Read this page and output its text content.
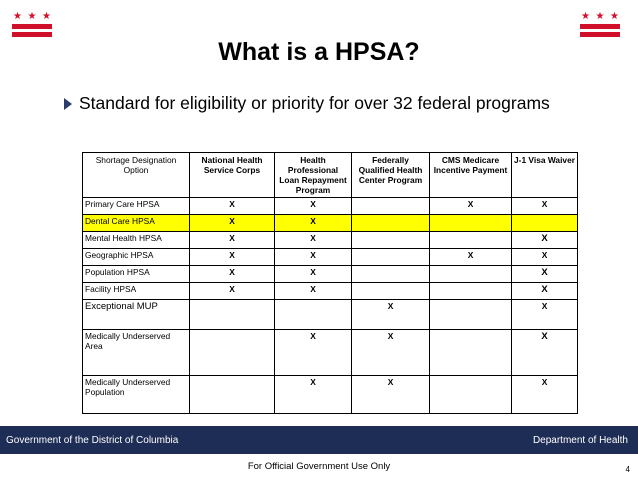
★ ★ ★	★ ★ ★
What is a HPSA?
Standard for eligibility or priority for over 32 federal programs
Shortage Designation Option	National Health Service Corps	Health Professional Loan Repayment Program	Federally Qualified Health Center Program	CMS Medicare Incentive Payment	J-1 Visa Waiver
Primary Care HPSA	X	X		X	X
Dental Care HPSA	X	X			
Mental Health HPSA	X	X			X
Geographic HPSA	X	X		X	X
Population HPSA	X	X			X
Facility HPSA	X	X			X
Exceptional MUP			X		X
Medically Underserved Area		X	X		X
Medically Underserved Population		X	X		X
Government of the District of Columbia	Department of Health
For Official Government Use Only	4
